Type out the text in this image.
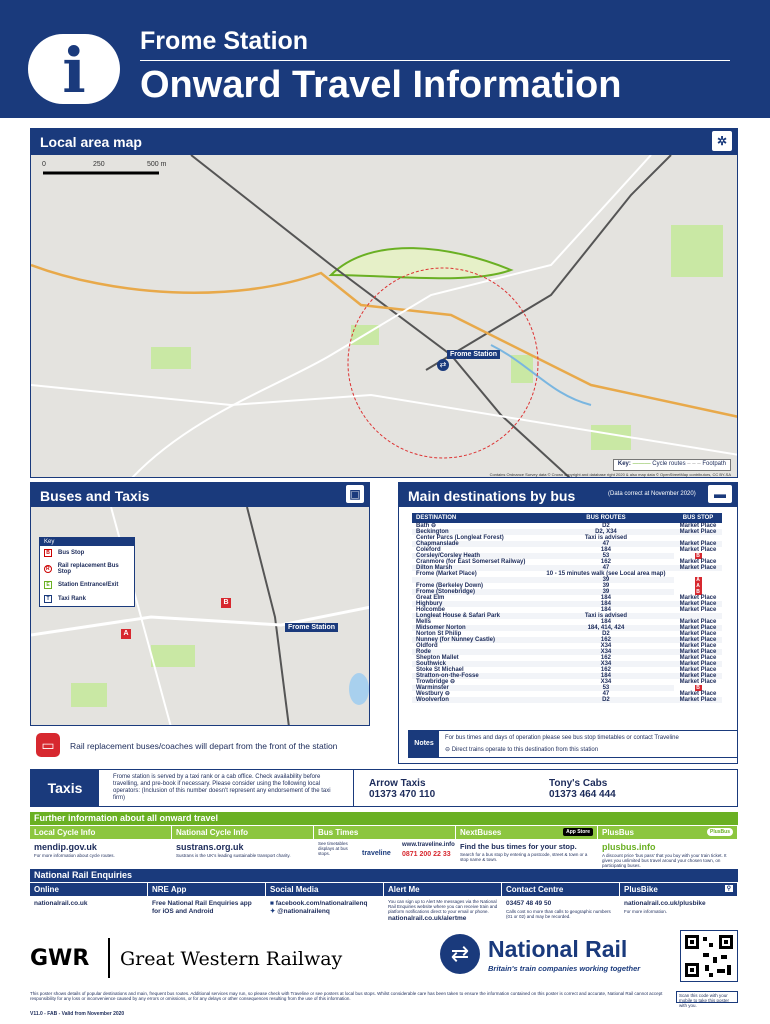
i	Frome Station
Onward Travel Information
Local area map	✲
0	250	500 m
Frome Station
⇄
Key: ——— Cycle routes – – – Footpath
Contains Ordnance Survey data © Crown copyright and database right 2020 & also map data © OpenStreetMap contributors, CC BY-SA
Buses and Taxis	▣
Key
B	Bus Stop
R	Rail replacement Bus Stop
E	Station Entrance/Exit
T	Taxi Rank	B
A
Frome Station
▭	Rail replacement buses/coaches will depart from the front of the station
Main destinations by bus	(Data correct at November 2020)	▬
DESTINATION	BUS ROUTES	BUS STOP
Bath ⊖	D2	Market Place
Beckington	D2, X34	Market Place
Center Parcs (Longleat Forest)	Taxi is advised	
Chapmanslade	47	Market Place
Coleford	184	Market Place
Corsley/Corsley Heath	53	B
Cranmore (for East Somerset Railway)	162	Market Place
Dilton Marsh	47	Market Place
Frome (Market Place)	10 - 15 minutes walk (see Local area map)	
	39	A
Frome (Berkeley Down)	39	A
Frome (Stonebridge)	39	B
Great Elm	184	Market Place
Highbury	184	Market Place
Holcombe	184	Market Place
Longleat House & Safari Park	Taxi is advised	
Mells	184	Market Place
Midsomer Norton	184, 414, 424	Market Place
Norton St Philip	D2	Market Place
Nunney (for Nunney Castle)	162	Market Place
Oldford	X34	Market Place
Rode	X34	Market Place
Shepton Mallet	162	Market Place
Southwick	X34	Market Place
Stoke St Michael	162	Market Place
Stratton-on-the-Fosse	184	Market Place
Trowbridge ⊖	X34	Market Place
Warminster	53	B
Westbury ⊖	47	Market Place
Woolverton	D2	Market Place
Notes
For bus times and days of operation please see bus stop timetables or contact Traveline
⊖ Direct trains operate to this destination from this station
Taxis
Frome station is served by a taxi rank or a cab office. Check availability before travelling, and pre-book if necessary. Please consider using the following local operators: (Inclusion of this number doesn't represent any endorsement of the taxi firm)
Arrow Taxis
01373 470 110
Tony's Cabs
01373 464 444
Further information about all onward travel
Local Cycle Info
mendip.gov.uk
For more information about cycle routes.
National Cycle Info
sustrans.org.uk
Sustrans is the UK's leading sustainable transport charity.
Bus Times
See timetables displays at bus stops.	traveline
www.traveline.info
0871 200 22 33
NextBuses	App Store
Find the bus times for your stop.
Search for a bus stop by entering a postcode, street & town or a stop name & town.
PlusBus	PlusBus
plusbus.info
A discount price 'bus pass' that you buy with your train ticket. It gives you unlimited bus travel around your chosen town, on participating buses.
National Rail Enquiries
Online
nationalrail.co.uk
NRE App
Free National Rail Enquiries app
for iOS and Android
Social Media
■ facebook.com/nationalrailenq
✦ @nationalrailenq
Alert Me
You can sign up to Alert Me messages via the National Rail Enquiries website where you can receive train and platform notifications direct to your email or phone.
nationalrail.co.uk/alertme
Contact Centre
03457 48 49 50
Calls cost no more than calls to geographic numbers (01 or 02) and may be recorded.
PlusBike	⚲
nationalrail.co.uk/plusbike
For more information.
GWR Great Western Railway	⇄ National Rail
Britain's train companies working together
This poster shows details of popular destinations and main, frequent bus routes. Additional services may run, so please check with Traveline or see posters at local bus stops. Whilst considerable care has been taken to ensure the information contained on this poster is correct and accurate, National Rail cannot accept responsibility for any loss or inconvenience caused by any errors or omissions, or for any delays or other consequences resulting from the use of this information.
Scan this code with your mobile to take this poster with you.
V11.0 - FAB - Valid from November 2020
